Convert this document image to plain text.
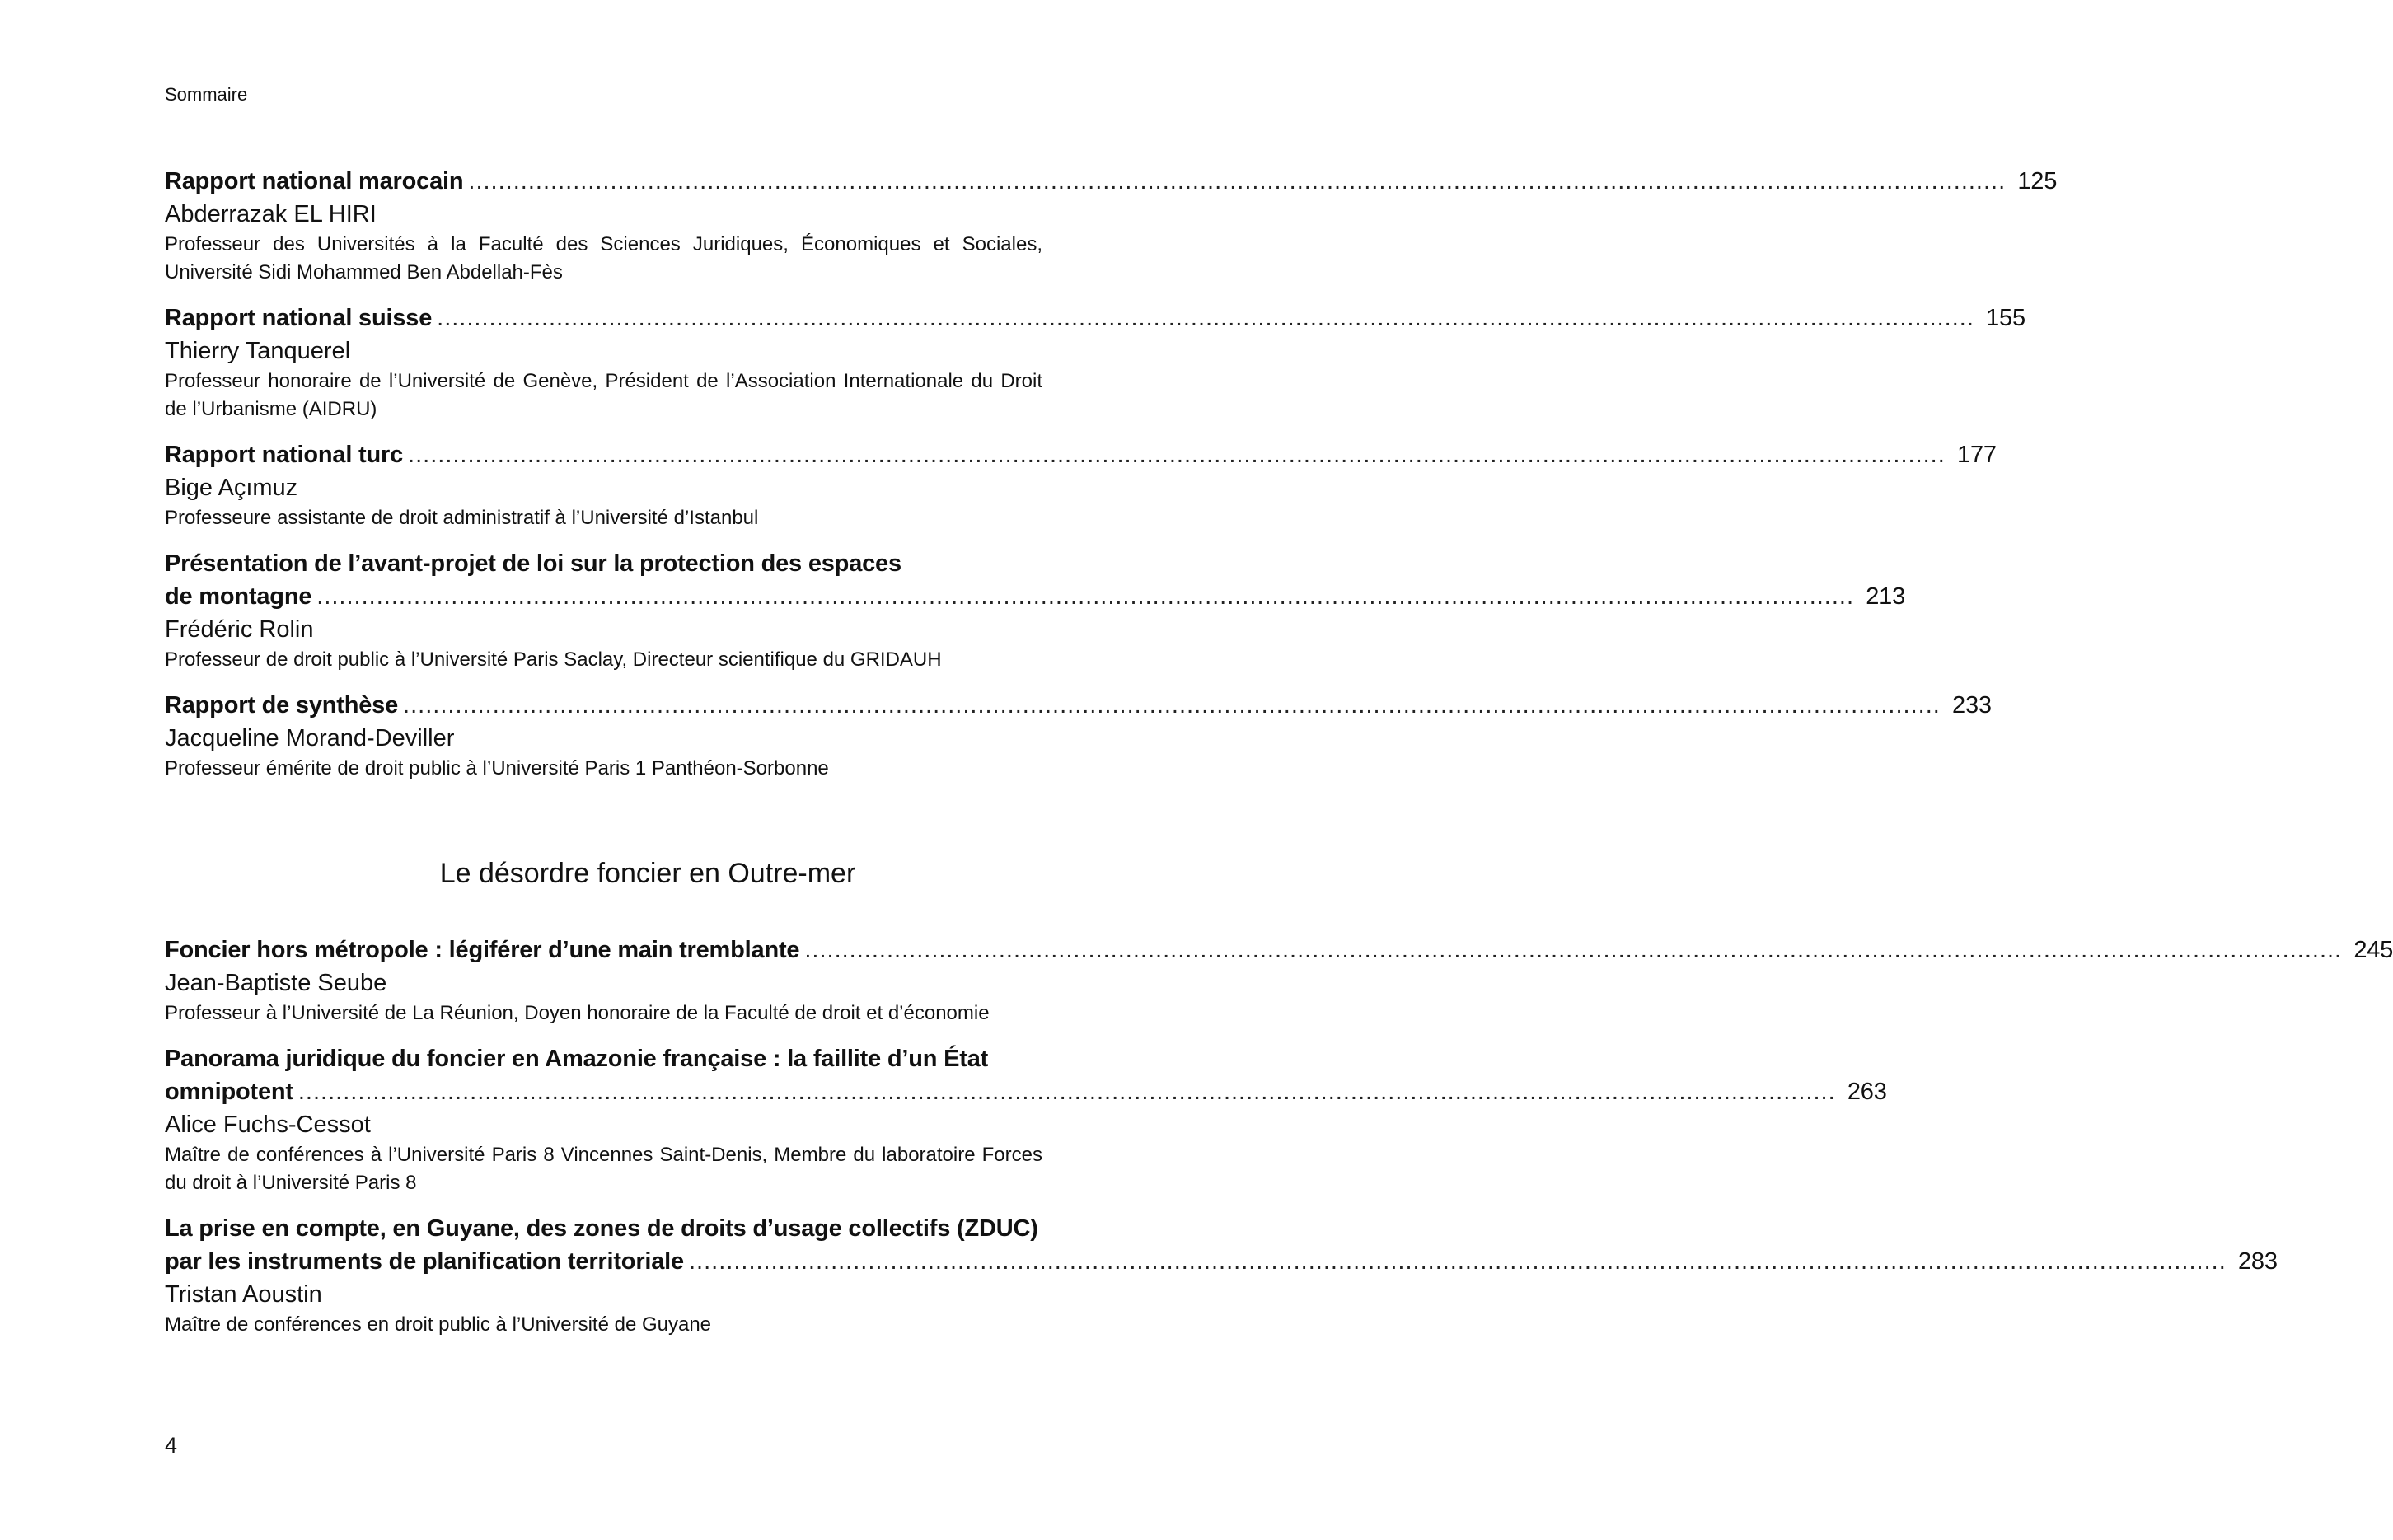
Sommaire
Rapport national marocain .............................................................................................................................................................................................................. 125
Abderrazak EL HIRI
Professeur des Universités à la Faculté des Sciences Juridiques, Économiques et Sociales, Université Sidi Mohammed Ben Abdellah-Fès
Rapport national suisse .............................................................................................................................................................................................................. 155
Thierry Tanquerel
Professeur honoraire de l’Université de Genève, Président de l’Association Internationale du Droit de l’Urbanisme (AIDRU)
Rapport national turc .............................................................................................................................................................................................................. 177
Bige Açımuz
Professeure assistante de droit administratif à l’Université d’Istanbul
Présentation de l’avant-projet de loi sur la protection des espaces
de montagne .............................................................................................................................................................................................................. 213
Frédéric Rolin
Professeur de droit public à l’Université Paris Saclay, Directeur scientifique du GRIDAUH
Rapport de synthèse .............................................................................................................................................................................................................. 233
Jacqueline Morand-Deviller
Professeur émérite de droit public à l’Université Paris 1 Panthéon-Sorbonne
Le désordre foncier en Outre-mer
Foncier hors métropole : légiférer d’une main tremblante .............................................................................................................................................................................................................. 245
Jean-Baptiste Seube
Professeur à l’Université de La Réunion, Doyen honoraire de la Faculté de droit et d’économie
Panorama juridique du foncier en Amazonie française : la faillite d’un État
omnipotent .............................................................................................................................................................................................................. 263
Alice Fuchs-Cessot
Maître de conférences à l’Université Paris 8 Vincennes Saint-Denis, Membre du laboratoire Forces du droit à l’Université Paris 8
La prise en compte, en Guyane, des zones de droits d’usage collectifs (ZDUC)
par les instruments de planification territoriale .............................................................................................................................................................................................................. 283
Tristan Aoustin
Maître de conférences en droit public à l’Université de Guyane
4
